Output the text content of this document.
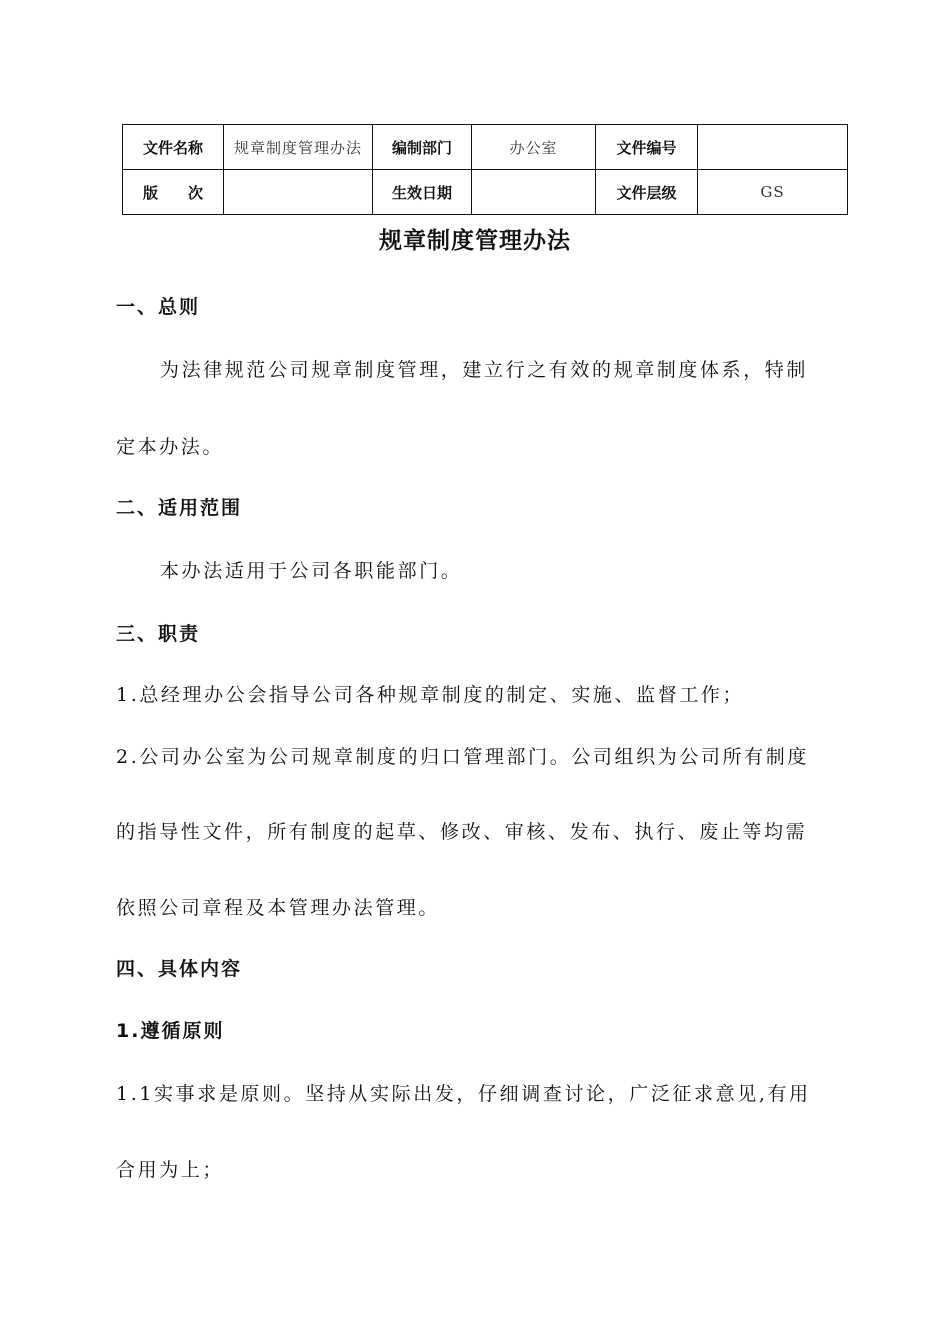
文件名称	规章制度管理办法	编制部门	办公室	文件编号	
版　　次		生效日期		文件层级	GS
规章制度管理办法
一、总则
为法律规范公司规章制度管理，建立行之有效的规章制度体系，特制
定本办法。
二、适用范围
本办法适用于公司各职能部门。
三、职责
1.总经理办公会指导公司各种规章制度的制定、实施、监督工作；
2.公司办公室为公司规章制度的归口管理部门。公司组织为公司所有制度
的指导性文件，所有制度的起草、修改、审核、发布、执行、废止等均需
依照公司章程及本管理办法管理。
四、具体内容
1.遵循原则
1.1实事求是原则。坚持从实际出发，仔细调查讨论，广泛征求意见,有用
合用为上；
